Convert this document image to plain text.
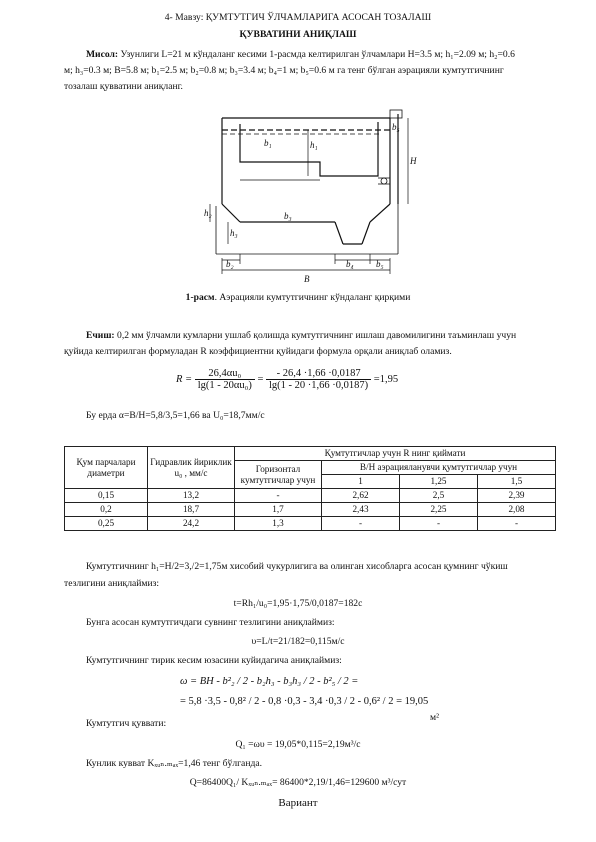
4- Мавзу: ҚУМТУТГИЧ ЎЛЧАМЛАРИГА АСОСАН ТОЗАЛАШ
ҚУВВАТИНИ АНИҚЛАШ
Мисол: Узунлиги L=21 м кўндаланг кесими 1-расмда келтирилган ўлчамлари H=3.5 м; h₁=2.09 м; h₂=0.6
м; h₃=0.3 м; B=5.8 м; b₁=2.5 м; b₂=0.8 м; b₃=3.4 м; b₄=1 м; b₅=0.6 м га тенг бўлган аэрацияли кумтутгичнинг
тозалаш қувватини аниқланг.
b₁	h₁
H
h₂
h₃
b₂
b₃
b₄ b₅
B
b₅
1-расм. Аэрацияли кумтутгичнинг кўндаланг қирқими
Ечиш: 0,2 мм ўлчамли кумларни ушлаб қолишда кумтутгичнинг ишлаш давомилигини таъминлаш учун
қуйида келтирилган формуладан R коэффициентни қуйидаги формула орқали аниқлаб оламиз.
$R = \frac{\text{26,4αu₀}}{\text{lg(1 - 20αu₀)}} = \frac{- 26,4 \cdot 1,66 \cdot 0,0187}{\lg(1 - 20 \cdot 1,66 \cdot 0,0187)} =1,95$
Бу ерда α=B/H=5,8/3,5=1,66 ва U₀=18,7мм/с
Қум парчалари диаметри	Гидравлик йириклик u₀ , мм/с	Қумтутгичлар учун R нинг қиймати			
		Горизонтал кумтутгичлар учун	В/Н аэрацияланувчи қумтутгичлар учун		
			1	1,25	1,5
0,15	13,2	-	2,62	2,5	2,39
0,2	18,7	1,7	2,43	2,25	2,08
0,25	24,2	1,3	-	-	-
Кумтутгичнинг h₁=H/2=3,/2=1,75м хисобий чукурлигига ва олинган хисобларга асосан қумнинг чўкиш
тезлигини аниқлаймиз:
t=Rh₁/u₀=1,95·1,75/0,0187=182с
Бунга асосан кумтутгичдаги сувнинг тезлигини аниқлаймиз:
υ=L/t=21/182=0,115м/с
Кумтутгичнинг тирик кесим юзасини куйидагича аниқлаймиз:
ω = BH - b²₂ / 2 - b₂h₃ - b₃h₃ / 2 - b²₅ / 2 =
= 5,8 ·3,5 - 0,8² / 2 - 0,8 ·0,3 - 3,4 ·0,3 / 2 - 0,6² / 2 = 19,05
Кумтутгич қуввати:
м²
Q₁ =ωυ = 19,05*0,115=2,19м³/с
Кунлик кувват Kₓᵤₙ.ₘₐₓ=1,46 тенг бўлганда.
Q=86400Q₁/ Kₓᵤₙ.ₘₐₓ= 86400*2,19/1,46=129600 м³/сут
Вариант
